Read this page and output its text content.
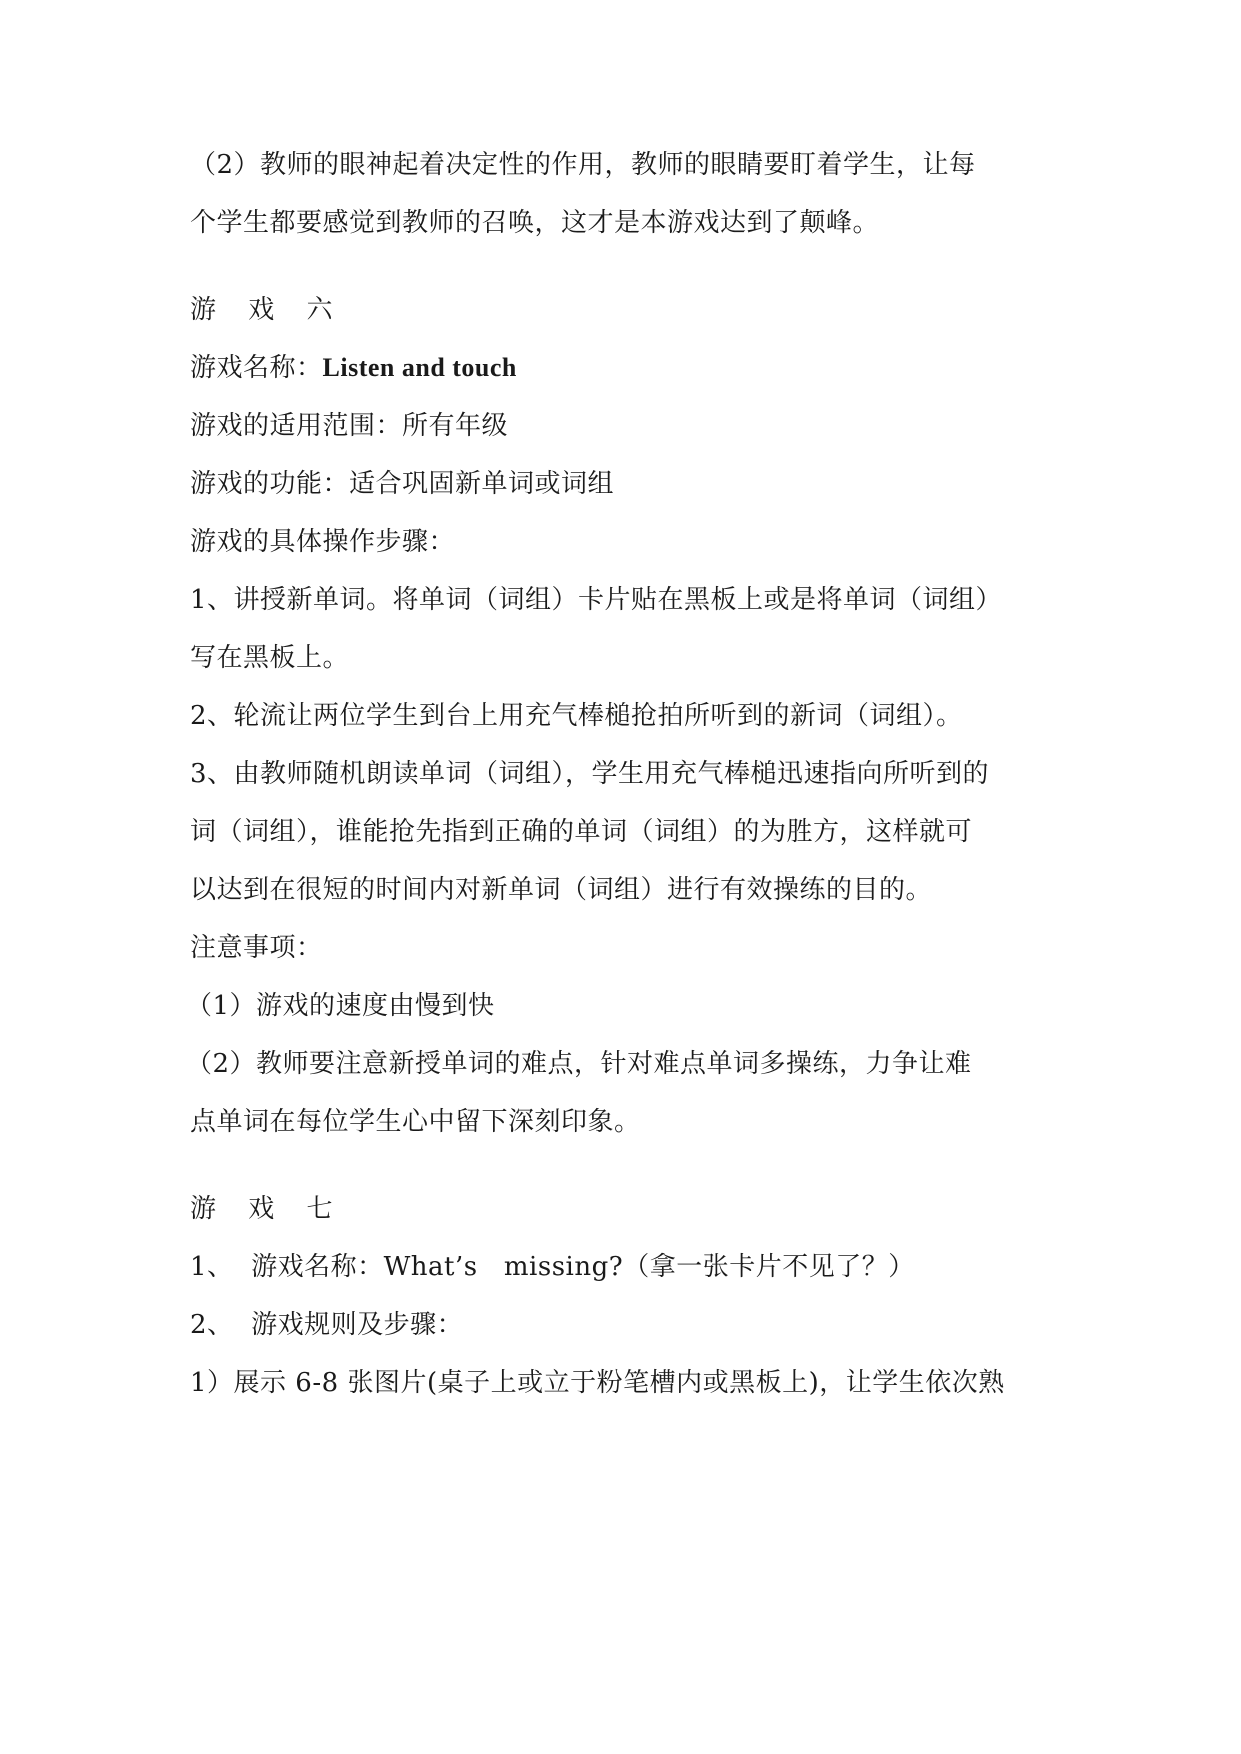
（2）教师的眼神起着决定性的作用，教师的眼睛要盯着学生，让每
个学生都要感觉到教师的召唤，这才是本游戏达到了颠峰。
游 戏 六
游戏名称：Listen and touch
游戏的适用范围：所有年级
游戏的功能：适合巩固新单词或词组
游戏的具体操作步骤：
1、讲授新单词。将单词（词组）卡片贴在黑板上或是将单词（词组）
写在黑板上。
2、轮流让两位学生到台上用充气棒槌抢拍所听到的新词（词组）。
3、由教师随机朗读单词（词组），学生用充气棒槌迅速指向所听到的
词（词组），谁能抢先指到正确的单词（词组）的为胜方，这样就可
以达到在很短的时间内对新单词（词组）进行有效操练的目的。
注意事项：
（1）游戏的速度由慢到快
（2）教师要注意新授单词的难点，针对难点单词多操练，力争让难
点单词在每位学生心中留下深刻印象。
游 戏 七
1、  游戏名称：What’s   missing?（拿一张卡片不见了？）
2、  游戏规则及步骤：
1）展示 6-8 张图片(桌子上或立于粉笔槽内或黑板上)，让学生依次熟
